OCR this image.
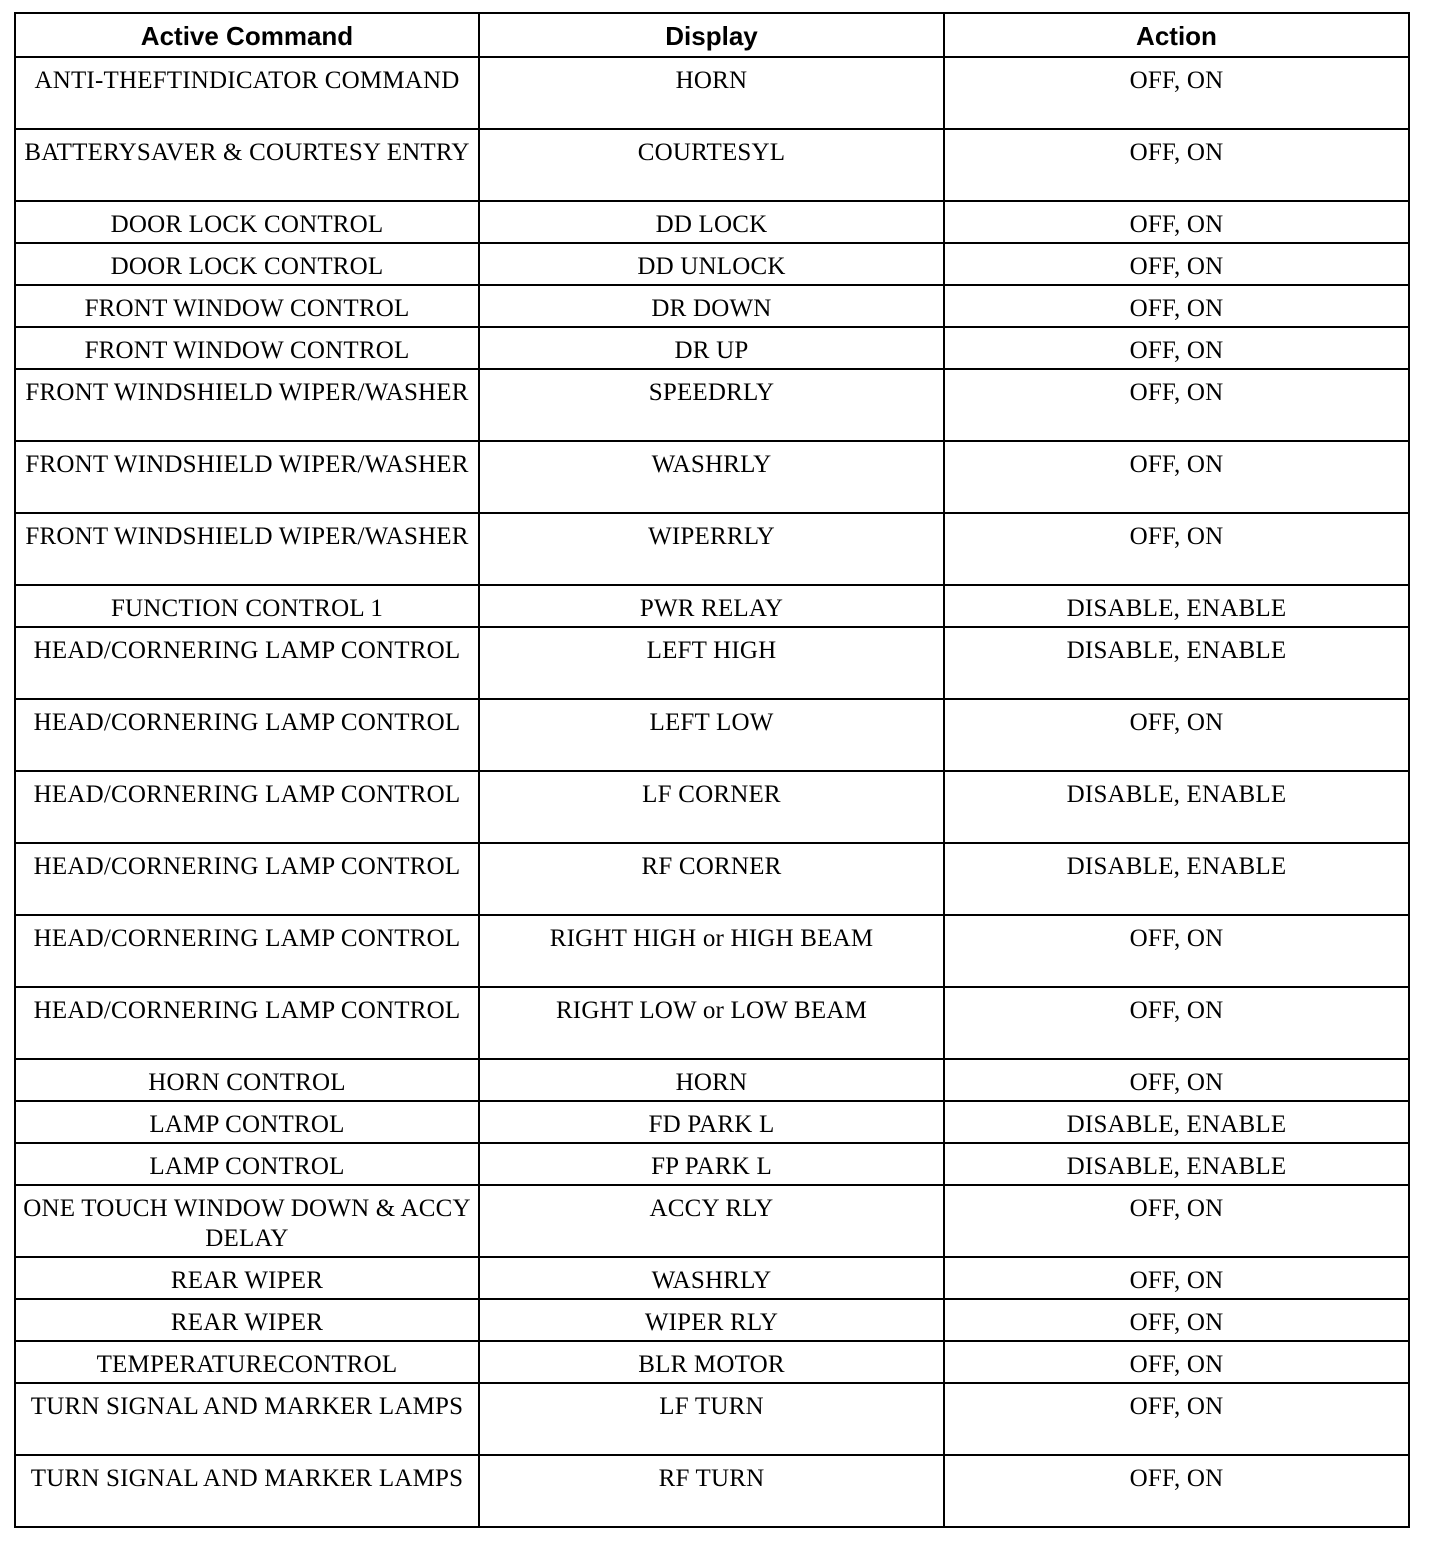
Active Command	Display	Action
ANTI-THEFTINDICATOR COMMAND	HORN	OFF, ON
BATTERYSAVER & COURTESY ENTRY	COURTESYL	OFF, ON
DOOR LOCK CONTROL	DD LOCK	OFF, ON
DOOR LOCK CONTROL	DD UNLOCK	OFF, ON
FRONT WINDOW CONTROL	DR DOWN	OFF, ON
FRONT WINDOW CONTROL	DR UP	OFF, ON
FRONT WINDSHIELD WIPER/WASHER	SPEEDRLY	OFF, ON
FRONT WINDSHIELD WIPER/WASHER	WASHRLY	OFF, ON
FRONT WINDSHIELD WIPER/WASHER	WIPERRLY	OFF, ON
FUNCTION CONTROL 1	PWR RELAY	DISABLE, ENABLE
HEAD/CORNERING LAMP CONTROL	LEFT HIGH	DISABLE, ENABLE
HEAD/CORNERING LAMP CONTROL	LEFT LOW	OFF, ON
HEAD/CORNERING LAMP CONTROL	LF CORNER	DISABLE, ENABLE
HEAD/CORNERING LAMP CONTROL	RF CORNER	DISABLE, ENABLE
HEAD/CORNERING LAMP CONTROL	RIGHT HIGH or HIGH BEAM	OFF, ON
HEAD/CORNERING LAMP CONTROL	RIGHT LOW or LOW BEAM	OFF, ON
HORN CONTROL	HORN	OFF, ON
LAMP CONTROL	FD PARK L	DISABLE, ENABLE
LAMP CONTROL	FP PARK L	DISABLE, ENABLE
ONE TOUCH WINDOW DOWN & ACCY DELAY	ACCY RLY	OFF, ON
REAR WIPER	WASHRLY	OFF, ON
REAR WIPER	WIPER RLY	OFF, ON
TEMPERATURECONTROL	BLR MOTOR	OFF, ON
TURN SIGNAL AND MARKER LAMPS	LF TURN	OFF, ON
TURN SIGNAL AND MARKER LAMPS	RF TURN	OFF, ON
